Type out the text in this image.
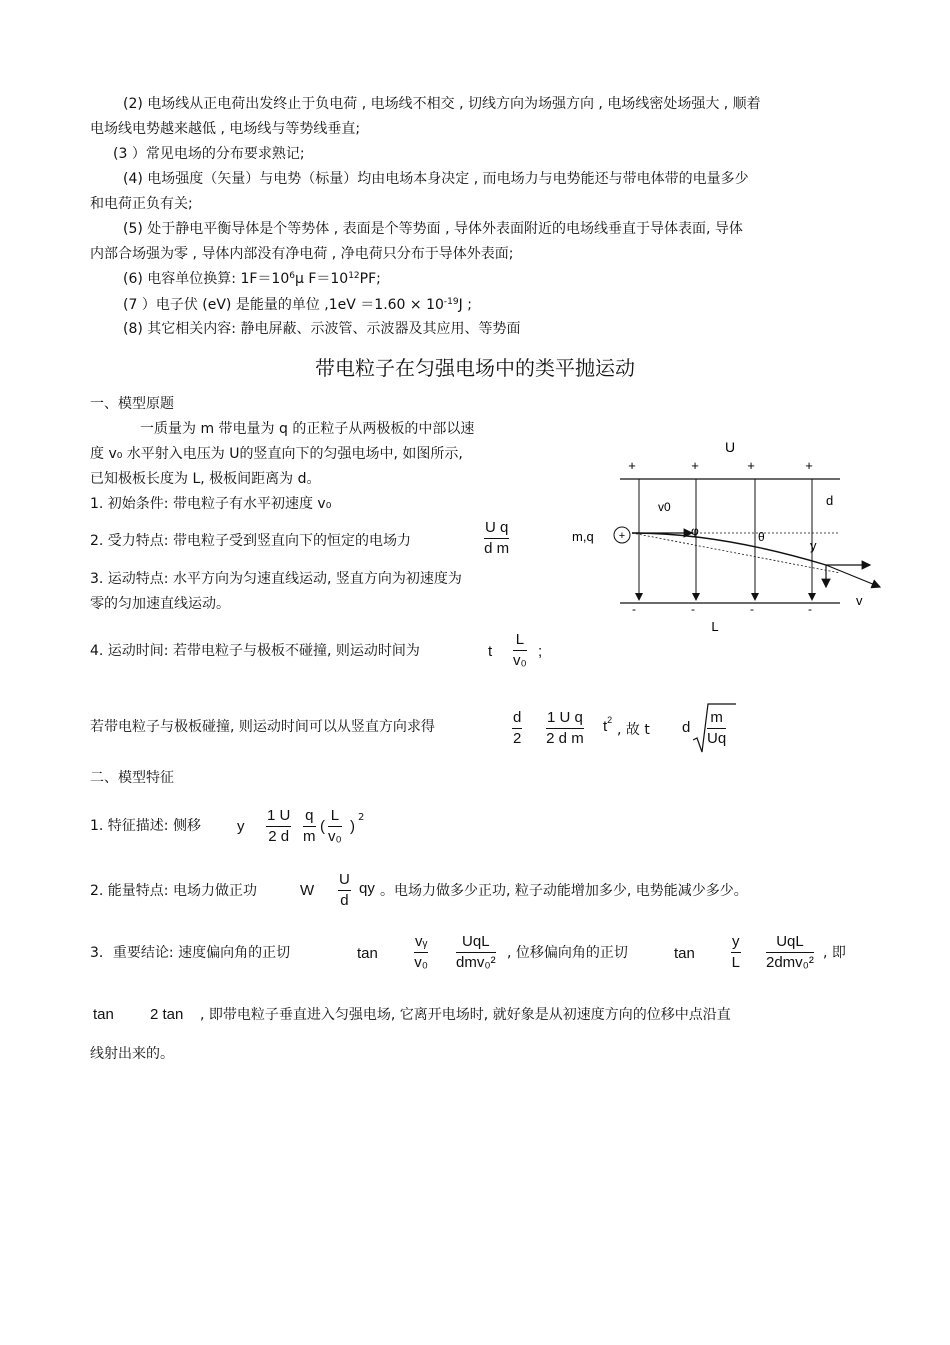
(2) 电场线从正电荷出发终止于负电荷 , 电场线不相交 , 切线方向为场强方向 , 电场线密处场强大 , 顺着
电场线电势越来越低 , 电场线与等势线垂直;
(3 ）常见电场的分布要求熟记;
(4) 电场强度（矢量）与电势（标量）均由电场本身决定 , 而电场力与电势能还与带电体带的电量多少
和电荷正负有关;
(5) 处于静电平衡导体是个等势体 , 表面是个等势面 , 导体外表面附近的电场线垂直于导体表面, 导体
内部合场强为零 , 导体内部没有净电荷 , 净电荷只分布于导体外表面;
(6) 电容单位换算: $1F=10^6\mu$ $F=10^{12}PF$;
(7 ）电子伏 (eV) 是能量的单位 $,1eV =1.60 \times 10^{-19}J$ ;
(8) 其它相关内容: 静电屏蔽、示波管、示波器及其应用、等势面
带电粒子在匀强电场中的类平抛运动
一、模型原题
一质量为 m 带电量为 q 的正粒子从两极板的中部以速
度 v₀ 水平射入电压为 U的竖直向下的匀强电场中, 如图所示,
已知极板长度为 L, 极板间距离为 d。
1. 初始条件: 带电粒子有水平初速度 v₀
2. 受力特点: 带电粒子受到竖直向下的恒定的电场力	$\frac{\text{U q}}{\text{d m}}$
3. 运动特点: 水平方向为匀速直线运动, 竖直方向为初速度为
零的匀加速直线运动。
4. 运动时间: 若带电粒子与极板不碰撞, 则运动时间为	t $\frac{L}{\text{v₀}}$ ;
若带电粒子与极板碰撞, 则运动时间可以从竖直方向求得	$\frac{d}{2} \frac{\text{1 U q}}{\text{2 d m}} t^2$
, 故 t d $\frac{m}{Uq}$
U
+	+	+	+
v0	d
m,q +	φ	θ
y
-	-	-	-
v
L
二、模型特征
1. 特征描述: 侧移 y $\frac{1 U}{2 d} \frac{q}{m}$ ( $\frac{L}{\text{v₀}}$ )
2
2. 能量特点: 电场力做正功	W $\frac{U}{d}$ qy 。电场力做多少正功, 粒子动能增加多少, 电势能减少多少。
3．重要结论: 速度偏向角的正切	$\tan \frac{\text{vᵧ}}{\text{v₀}}$	UqL
dmv₀²
, 位移偏向角的正切	$\tan \frac{y}{L}$	UqL
2dmv₀²
, 即
tan 2 tan , 即带电粒子垂直进入匀强电场, 它离开电场时, 就好象是从初速度方向的位移中点沿直
线射出来的。
